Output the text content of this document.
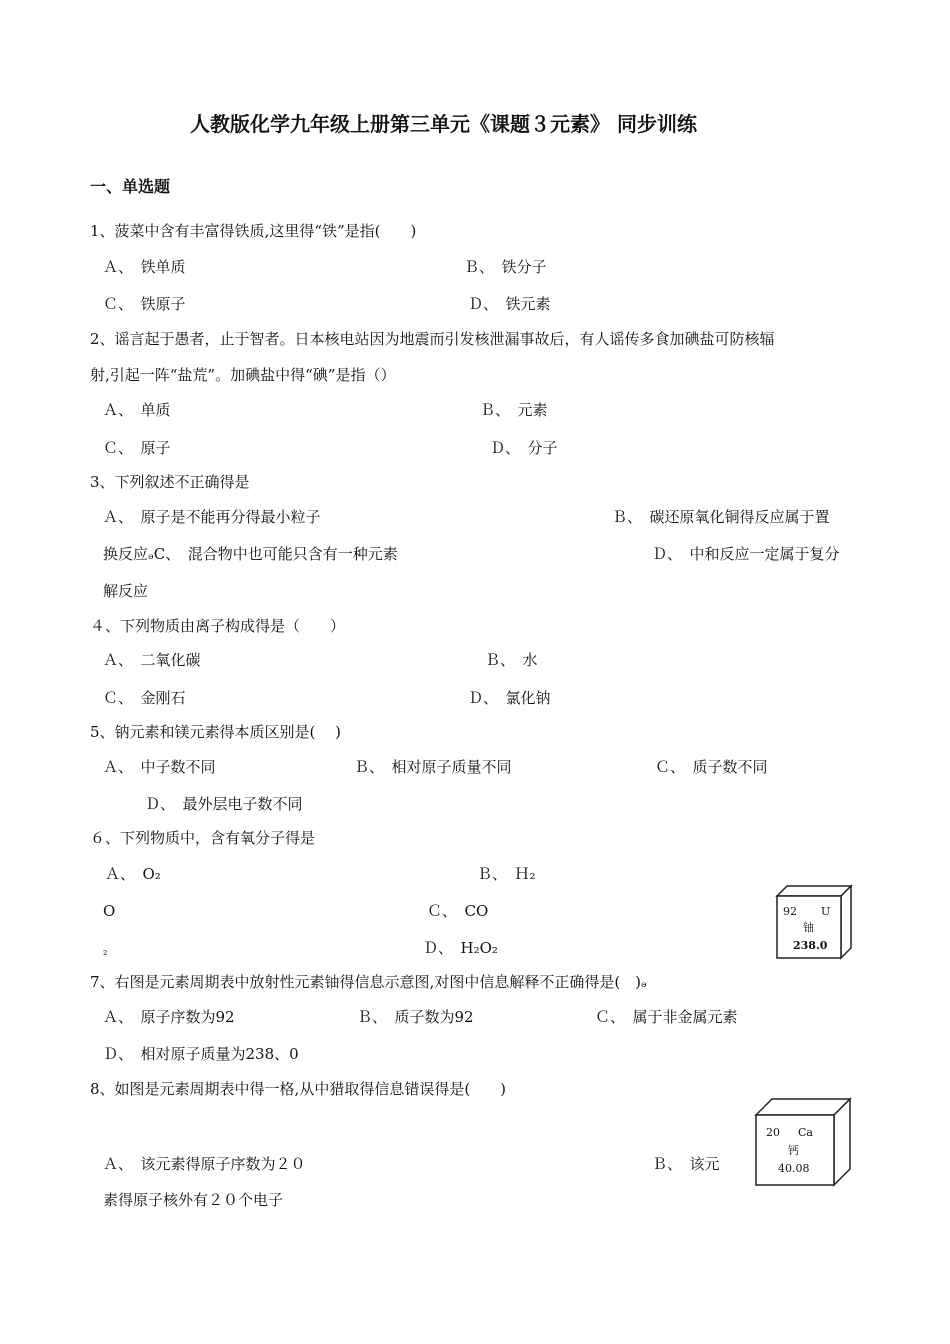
人教版化学九年级上册第三单元《课题３元素》 同步训练
一、单选题
1、菠菜中含有丰富得铁质,这里得“铁”是指(　　)
Ａ、　铁单质	Ｂ、　铁分子
Ｃ、　铁原子	Ｄ、　铁元素
2、谣言起于愚者，止于智者。日本核电站因为地震而引发核泄漏事故后，有人谣传多食加碘盐可防核辐
射,引起一阵“盐荒”。加碘盐中得“碘”是指（）
Ａ、　单质	Ｂ、　元素
Ｃ、　原子	Ｄ、　分子
3、下列叙述不正确得是
Ａ、　原子是不能再分得最小粒子	Ｂ、　碳还原氧化铜得反应属于置
换反应ₔC、　混合物中也可能只含有一种元素	Ｄ、　中和反应一定属于复分
解反应
４、下列物质由离子构成得是（　　）
Ａ、　二氧化碳	Ｂ、　水
Ｃ、　金刚石	Ｄ、　氯化钠
5、钠元素和镁元素得本质区别是(　 )
Ａ、　中子数不同	Ｂ、　相对原子质量不同	Ｃ、　质子数不同
Ｄ、　最外层电子数不同
６、下列物质中，含有氧分子得是
Ａ、　O₂	Ｂ、　Ｈ₂
O	Ｃ、　CO
₂	Ｄ、　H₂O₂
92 U
铀
238.0
7、右图是元素周期表中放射性元素铀得信息示意图,对图中信息解释不正确得是(　)ₔ
Ａ、　原子序数为92	Ｂ、　质子数为92	Ｃ、　属于非金属元素
Ｄ、　相对原子质量为238、0
8、如图是元素周期表中得一格,从中猎取得信息错误得是(　　)
20 Ca
钙
40.08
Ａ、　该元素得原子序数为２０	Ｂ、　该元
素得原子核外有２０个电子
